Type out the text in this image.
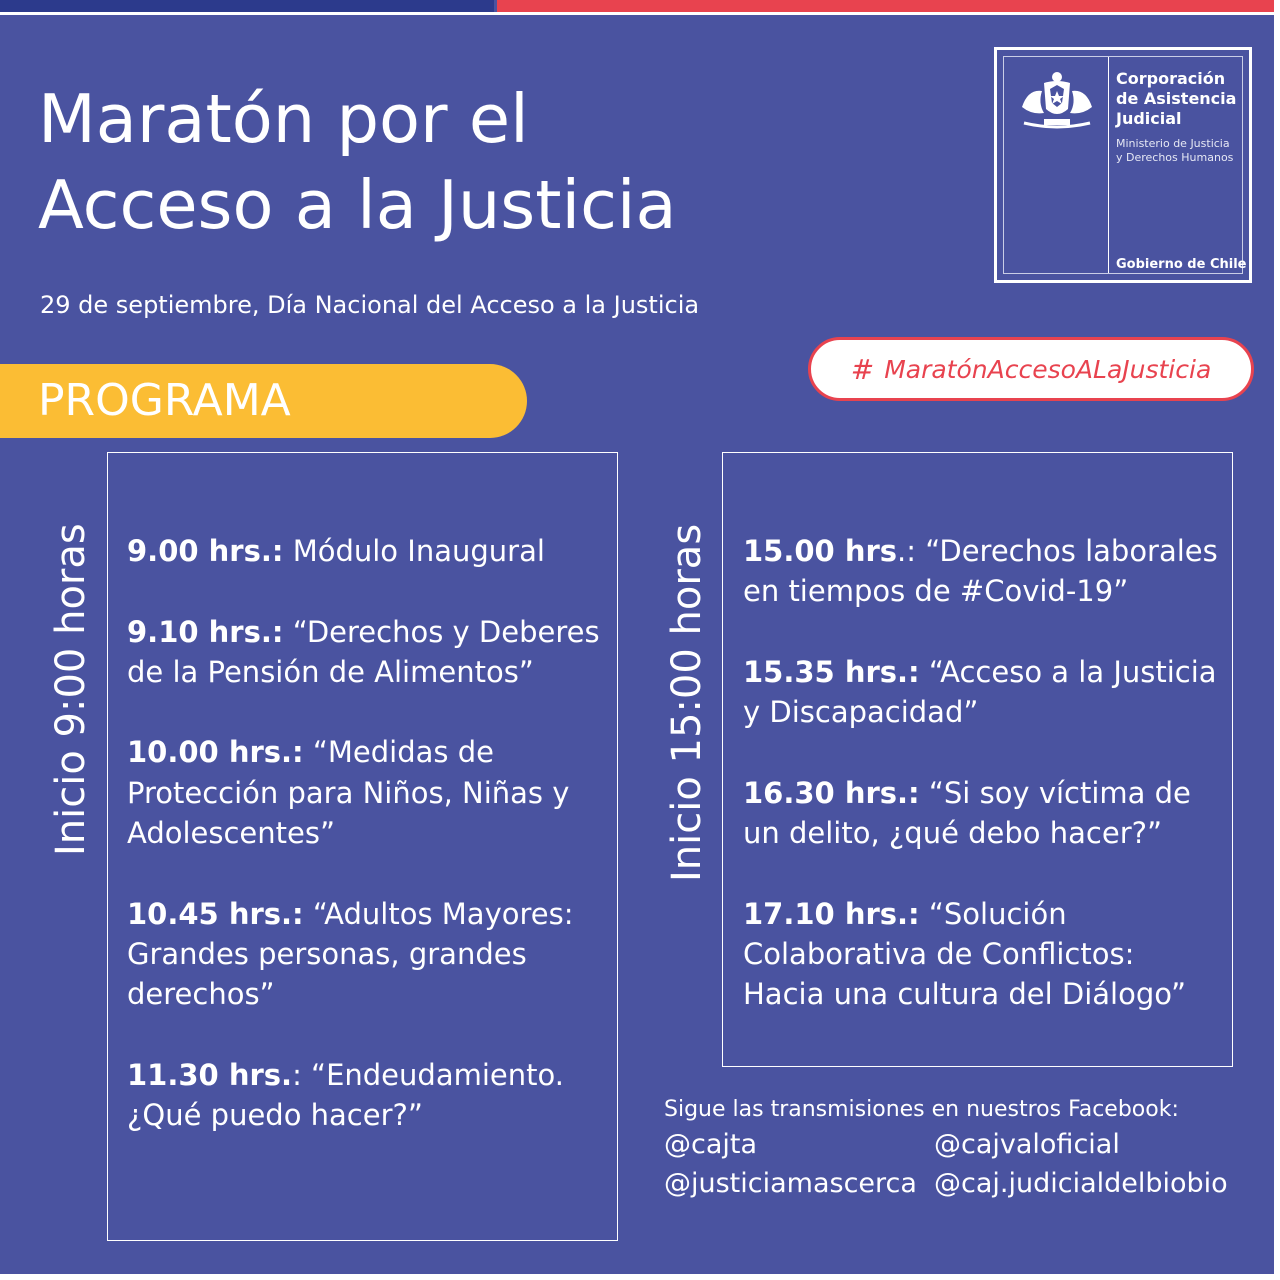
Maratón por el
Acceso a la Justicia
29 de septiembre, Día Nacional del Acceso a la Justicia
Corporación
de Asistencia
Judicial
Ministerio de Justicia
y Derechos Humanos
Gobierno de Chile
# MaratónAccesoALaJusticia
PROGRAMA
Inicio 9:00 horas	Inicio 15:00 horas
9.00 hrs.: Módulo Inaugural
9.10 hrs.: “Derechos y Deberes de la Pensión de Alimentos”
10.00 hrs.: “Medidas de Protección para Niños, Niñas y Adolescentes”
10.45 hrs.: “Adultos Mayores: Grandes personas, grandes derechos”
11.30 hrs.: “Endeudamiento. ¿Qué puedo hacer?”
15.00 hrs.: “Derechos laborales en tiempos de #Covid-19”
15.35 hrs.: “Acceso a la Justicia y Discapacidad”
16.30 hrs.: “Si soy víctima de un delito, ¿qué debo hacer?”
17.10 hrs.: “Solución Colaborativa de Conflictos: Hacia una cultura del Diálogo”
Sigue las transmisiones en nuestros Facebook:
@cajta	@cajvaloficial
@justiciamascerca @caj.judicialdelbiobio
